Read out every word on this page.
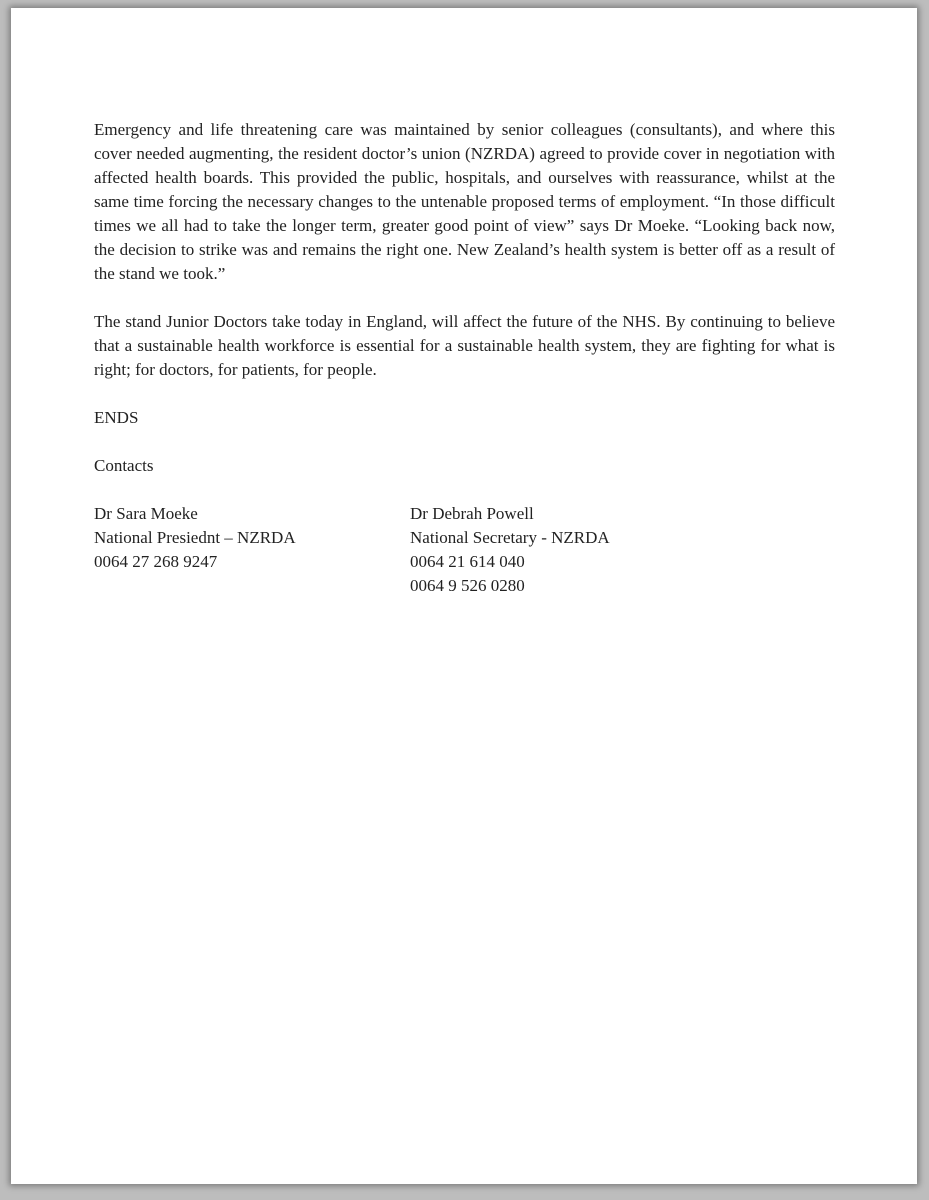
Emergency and life threatening care was maintained by senior colleagues (consultants), and where this cover needed augmenting, the resident doctor’s union (NZRDA) agreed to provide cover in negotiation with affected health boards. This provided the public, hospitals, and ourselves with reassurance, whilst at the same time forcing the necessary changes to the untenable proposed terms of employment. “In those difficult times we all had to take the longer term, greater good point of view” says Dr Moeke. “Looking back now, the decision to strike was and remains the right one. New Zealand’s health system is better off as a result of the stand we took.”

The stand Junior Doctors take today in England, will affect the future of the NHS. By continuing to believe that a sustainable health workforce is essential for a sustainable health system, they are fighting for what is right; for doctors, for patients, for people.

ENDS

Contacts

Dr Sara Moeke
National Presiednt – NZRDA
0064 27 268 9247
Dr Debrah Powell
National Secretary - NZRDA
0064 21 614 040
0064 9 526 0280
